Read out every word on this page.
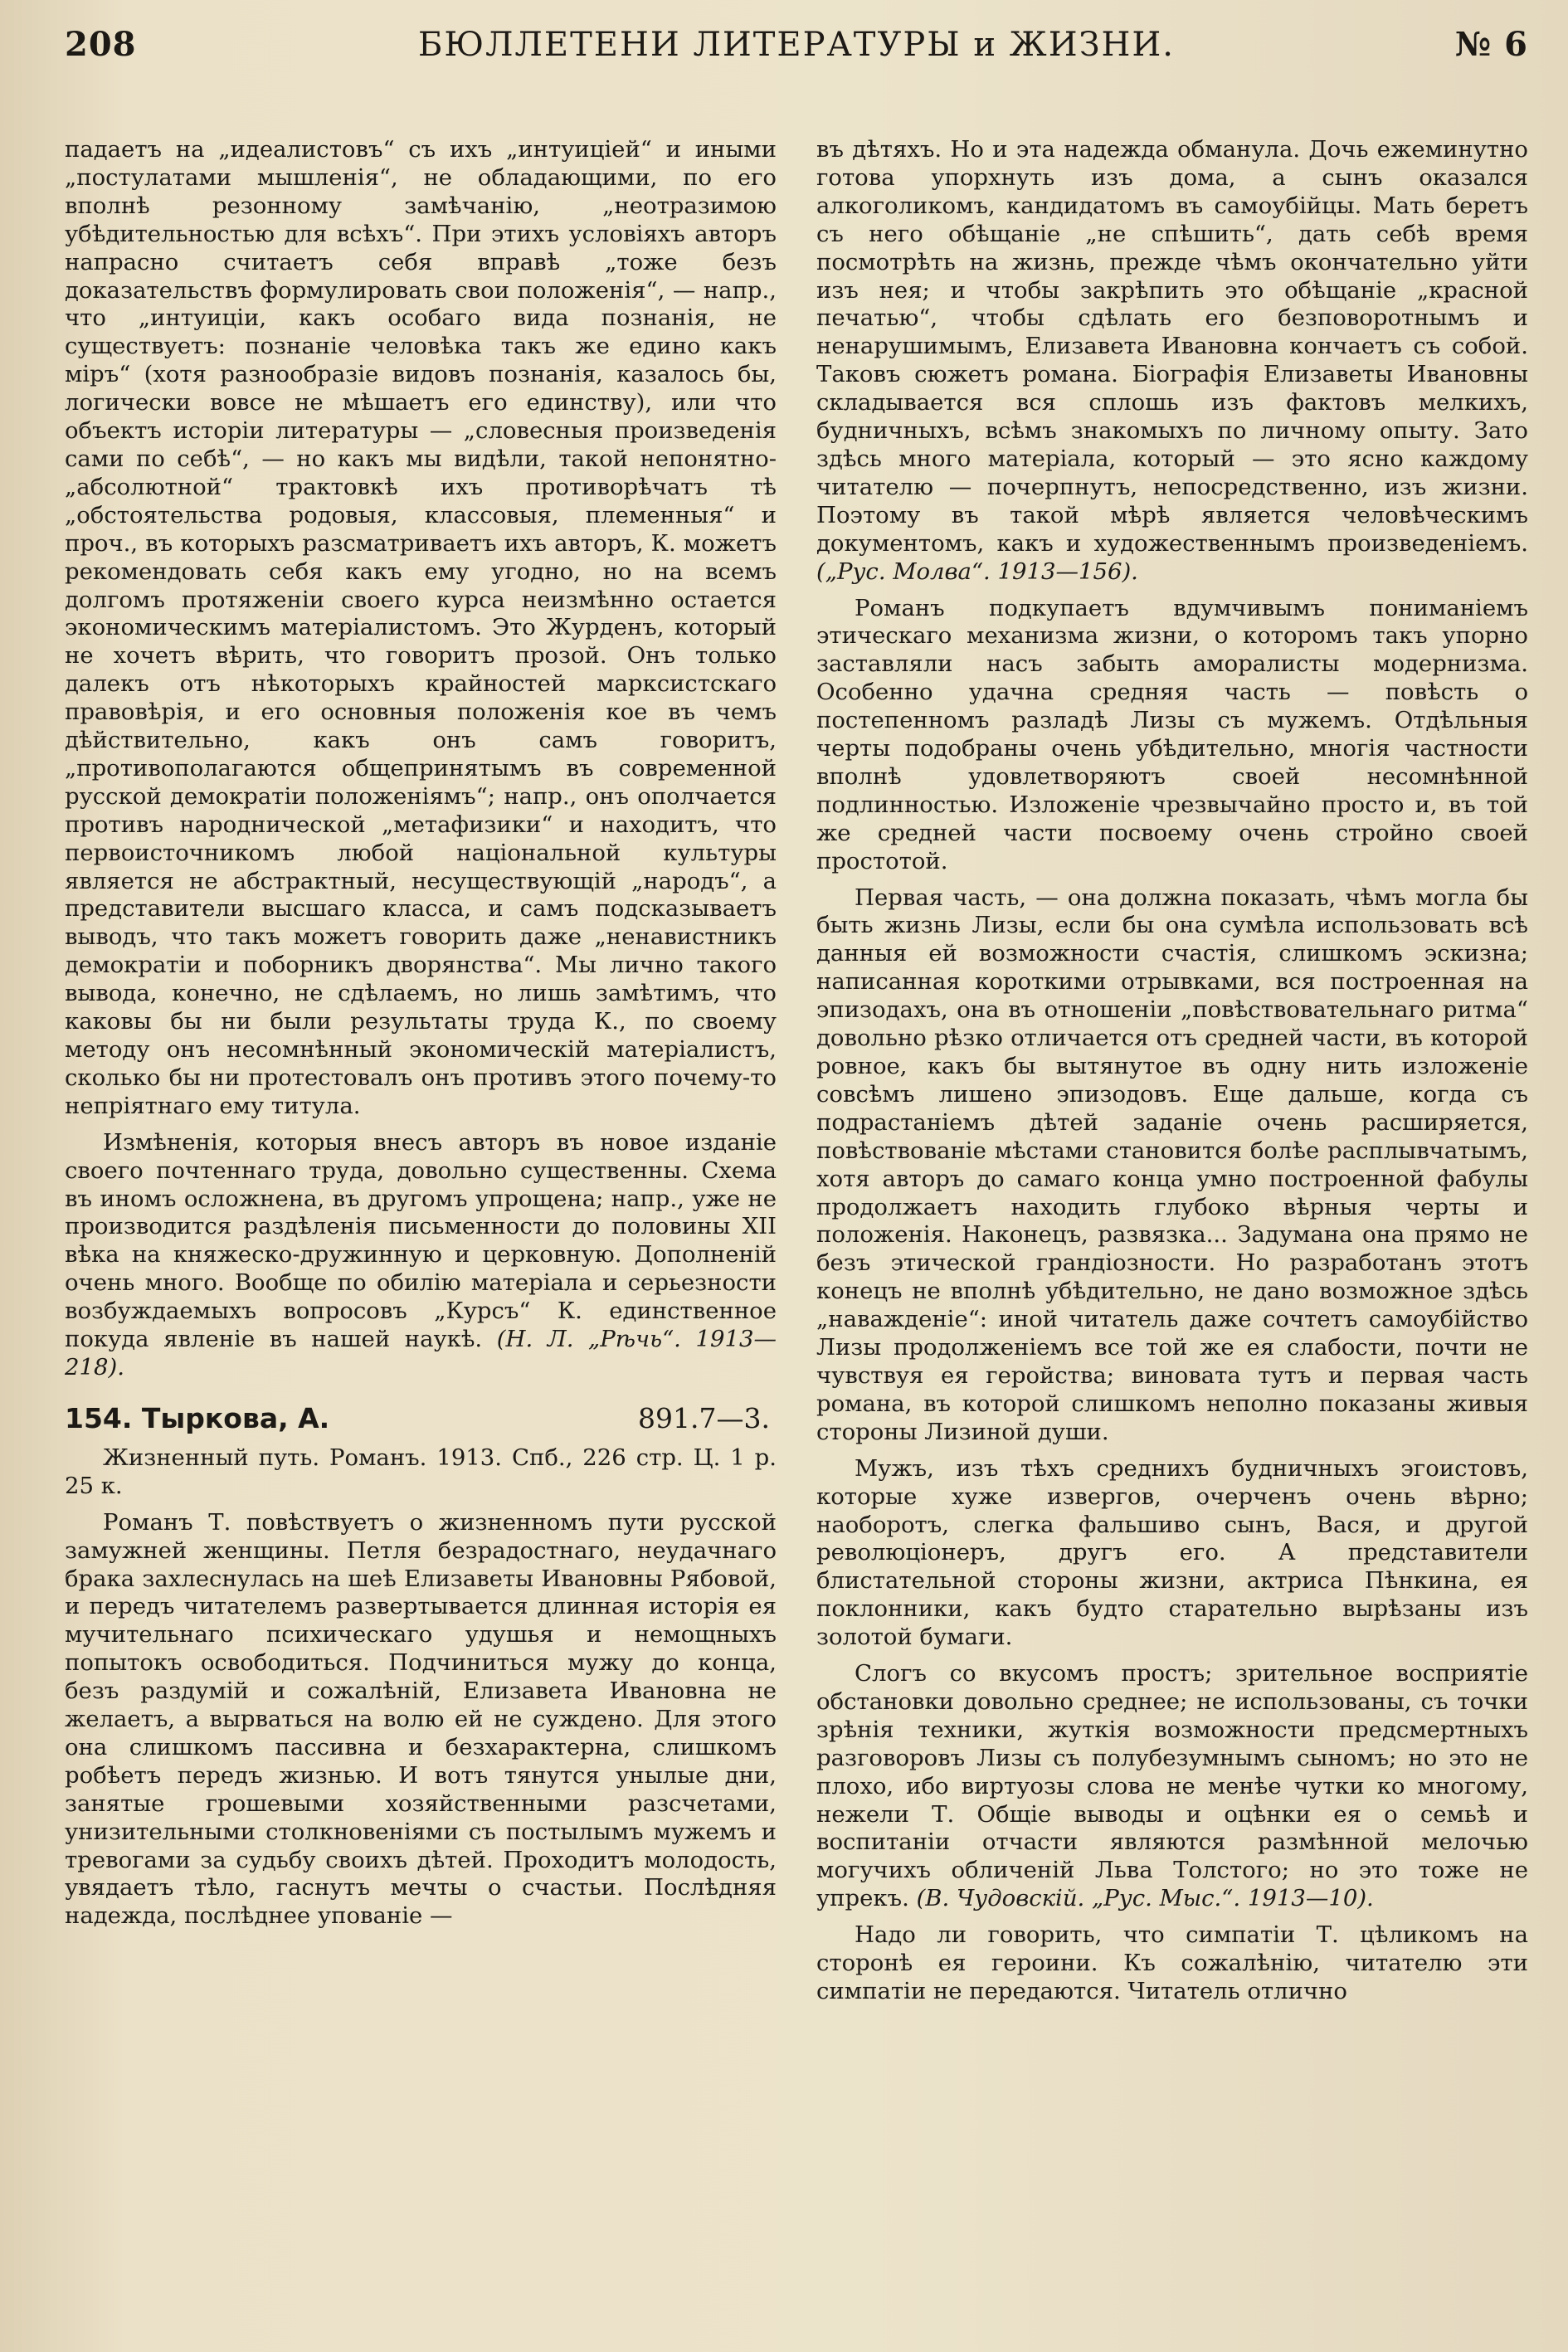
208	БЮЛЛЕТЕНИ ЛИТЕРАТУРЫ и ЖИЗНИ.	№ 6

падаетъ на „идеалистовъ“ съ ихъ „интуиціей“ и иными „постулатами мышленія“, не обладающими, по его вполнѣ резонному замѣчанію, „неотразимою убѣдительностью для всѣхъ“. При этихъ условіяхъ авторъ напрасно считаетъ себя вправѣ „тоже безъ доказательствъ формулировать свои положенія“, — напр., что „интуиціи, какъ особаго вида познанія, не существуетъ: познаніе человѣка такъ же едино какъ міръ“ (хотя разнообразіе видовъ познанія, казалось бы, логически вовсе не мѣшаетъ его единству), или что объектъ исторіи литературы — „словесныя произведенія сами по себѣ“, — но какъ мы видѣли, такой непонятно-„абсолютной“ трактовкѣ ихъ противорѣчатъ тѣ „обстоятельства родовыя, классовыя, племенныя“ и проч., въ которыхъ разсматриваетъ ихъ авторъ, К. можетъ рекомендовать себя какъ ему угодно, но на всемъ долгомъ протяженіи своего курса неизмѣнно остается экономическимъ матеріалистомъ. Это Журденъ, который не хочетъ вѣрить, что говоритъ прозой. Онъ только далекъ отъ нѣкоторыхъ крайностей марксистскаго правовѣрія, и его основныя положенія кое въ чемъ дѣйствительно, какъ онъ самъ говоритъ, „противополагаются общепринятымъ въ современной русской демократіи положеніямъ“; напр., онъ ополчается противъ народнической „метафизики“ и находитъ, что первоисточникомъ любой національной культуры является не абстрактный, несуществующій „народъ“, а представители высшаго класса, и самъ подсказываетъ выводъ, что такъ можетъ говорить даже „ненавистникъ демократіи и поборникъ дворянства“. Мы лично такого вывода, конечно, не сдѣлаемъ, но лишь замѣтимъ, что каковы бы ни были результаты труда К., по своему методу онъ несомнѣнный экономическій матеріалистъ, сколько бы ни протестовалъ онъ противъ этого почему-то непріятнаго ему титула.

Измѣненія, которыя внесъ авторъ въ новое изданіе своего почтеннаго труда, довольно существенны. Схема въ иномъ осложнена, въ другомъ упрощена; напр., уже не производится раздѣленія письменности до половины XII вѣка на княжеско-дружинную и церковную. Дополненій очень много. Вообще по обилію матеріала и серьезности возбуждаемыхъ вопросовъ „Курсъ“ К. единственное покуда явленіе въ нашей наукѣ. (Н. Л. „Рѣчь“. 1913—218).

154. Тыркова, А.	891.7—3.

Жизненный путь. Романъ. 1913. Спб., 226 стр. Ц. 1 р. 25 к.

Романъ Т. повѣствуетъ о жизненномъ пути русской замужней женщины. Петля безрадостнаго, неудачнаго брака захлеснулась на шеѣ Елизаветы Ивановны Рябовой, и передъ читателемъ развертывается длинная исторія ея мучительнаго психическаго удушья и немощныхъ попытокъ освободиться. Подчиниться мужу до конца, безъ раздумій и сожалѣній, Елизавета Ивановна не желаетъ, а вырваться на волю ей не суждено. Для этого она слишкомъ пассивна и безхарактерна, слишкомъ робѣетъ передъ жизнью. И вотъ тянутся унылые дни, занятые грошевыми хозяйственными разсчетами, унизительными столкновеніями съ постылымъ мужемъ и тревогами за судьбу своихъ дѣтей. Проходитъ молодость, увядаетъ тѣло, гаснутъ мечты о счастьи. Послѣдняя надежда, послѣднее упованіе —

въ дѣтяхъ. Но и эта надежда обманула. Дочь ежеминутно готова упорхнуть изъ дома, а сынъ оказался алкоголикомъ, кандидатомъ въ самоубійцы. Мать беретъ съ него обѣщаніе „не спѣшить“, дать себѣ время посмотрѣть на жизнь, прежде чѣмъ окончательно уйти изъ нея; и чтобы закрѣпить это обѣщаніе „красной печатью“, чтобы сдѣлать его безповоротнымъ и ненарушимымъ, Елизавета Ивановна кончаетъ съ собой. Таковъ сюжетъ романа. Біографія Елизаветы Ивановны складывается вся сплошь изъ фактовъ мелкихъ, будничныхъ, всѣмъ знакомыхъ по личному опыту. Зато здѣсь много матеріала, который — это ясно каждому читателю — почерпнутъ, непосредственно, изъ жизни. Поэтому въ такой мѣрѣ является человѣческимъ документомъ, какъ и художественнымъ произведеніемъ. („Рус. Молва“. 1913—156).

Романъ подкупаетъ вдумчивымъ пониманіемъ этическаго механизма жизни, о которомъ такъ упорно заставляли насъ забыть аморалисты модернизма. Особенно удачна средняя часть — повѣсть о постепенномъ разладѣ Лизы съ мужемъ. Отдѣльныя черты подобраны очень убѣдительно, многія частности вполнѣ удовлетворяютъ своей несомнѣнной подлинностью. Изложеніе чрезвычайно просто и, въ той же средней части посвоему очень стройно своей простотой.

Первая часть, — она должна показать, чѣмъ могла бы быть жизнь Лизы, если бы она сумѣла использовать всѣ данныя ей возможности счастія, слишкомъ эскизна; написанная короткими отрывками, вся построенная на эпизодахъ, она въ отношеніи „повѣствовательнаго ритма“ довольно рѣзко отличается отъ средней части, въ которой ровное, какъ бы вытянутое въ одну нить изложеніе совсѣмъ лишено эпизодовъ. Еще дальше, когда съ подрастаніемъ дѣтей заданіе очень расширяется, повѣствованіе мѣстами становится болѣе расплывчатымъ, хотя авторъ до самаго конца умно построенной фабулы продолжаетъ находить глубоко вѣрныя черты и положенія. Наконецъ, развязка... Задумана она прямо не безъ этической грандіозности. Но разработанъ этотъ конецъ не вполнѣ убѣдительно, не дано возможное здѣсь „наважденіе“: иной читатель даже сочтетъ самоубійство Лизы продолженіемъ все той же ея слабости, почти не чувствуя ея геройства; виновата тутъ и первая часть романа, въ которой слишкомъ неполно показаны живыя стороны Лизиной души.

Мужъ, изъ тѣхъ среднихъ будничныхъ эгоистовъ, которые хуже извергов, очерченъ очень вѣрно; наоборотъ, слегка фальшиво сынъ, Вася, и другой революціонеръ, другъ его. А представители блистательной стороны жизни, актриса Пѣнкина, ея поклонники, какъ будто старательно вырѣзаны изъ золотой бумаги.

Слогъ со вкусомъ простъ; зрительное восприятіе обстановки довольно среднее; не использованы, съ точки зрѣнія техники, жуткія возможности предсмертныхъ разговоровъ Лизы съ полубезумнымъ сыномъ; но это не плохо, ибо виртуозы слова не менѣе чутки ко многому, нежели Т. Общіе выводы и оцѣнки ея о семьѣ и воспитаніи отчасти являются размѣнной мелочью могучихъ обличеній Льва Толстого; но это тоже не упрекъ. (В. Чудовскій. „Рус. Мыс.“. 1913—10).

Надо ли говорить, что симпатіи Т. цѣликомъ на сторонѣ ея героини. Къ сожалѣнію, читателю эти симпатіи не передаются. Читатель отлично
